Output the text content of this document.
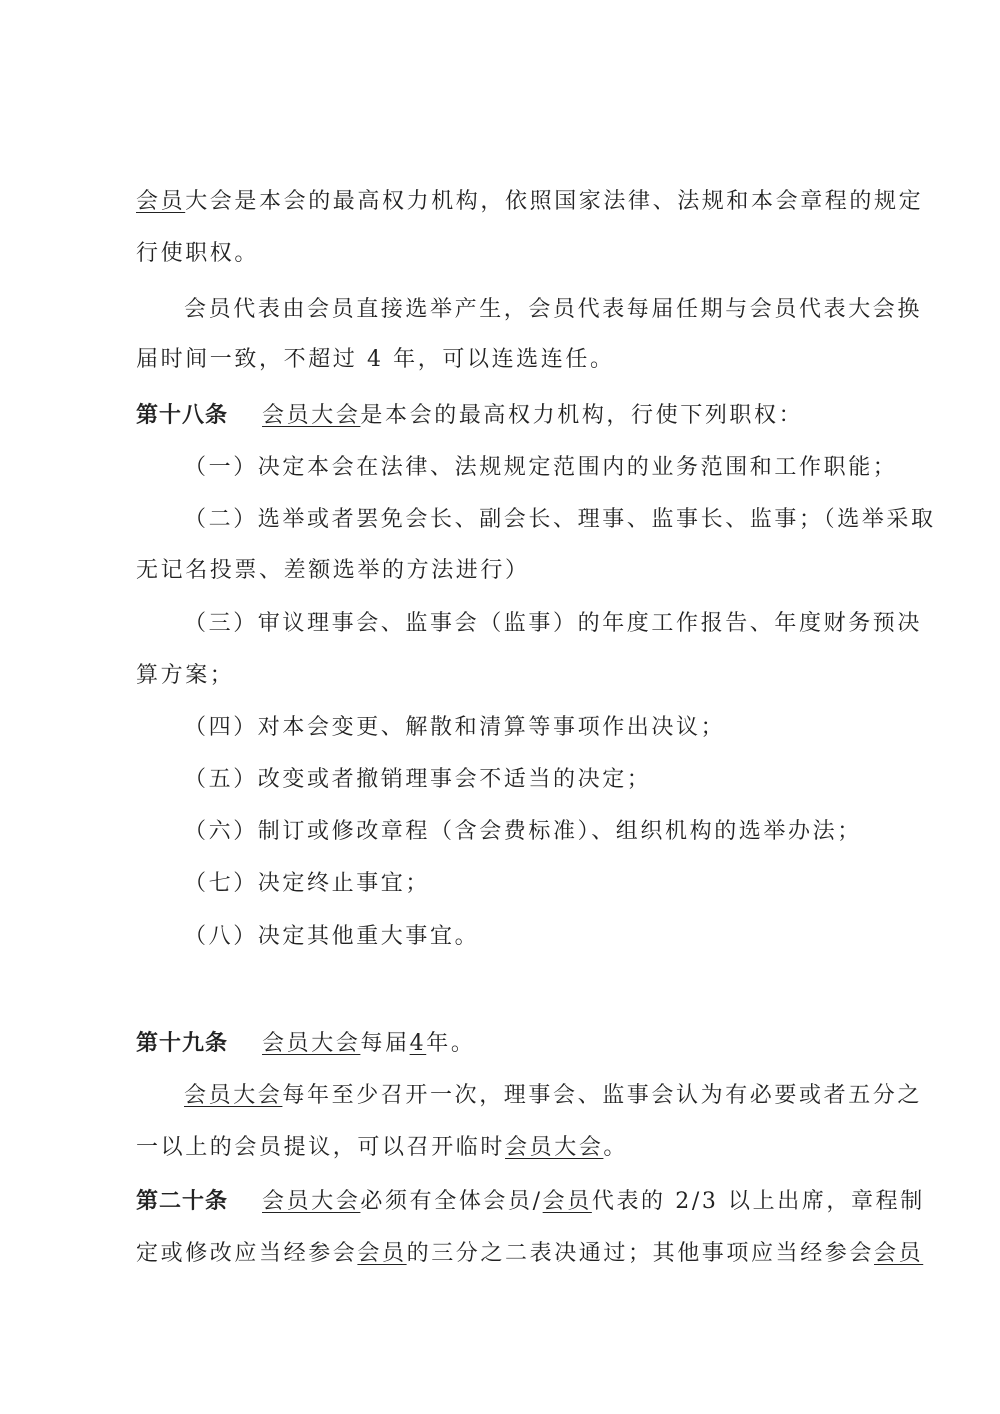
会员大会是本会的最高权力机构，依照国家法律、法规和本会章程的规定
行使职权。
会员代表由会员直接选举产生，会员代表每届任期与会员代表大会换
届时间一致，不超过 4 年，可以连选连任。
第十八条 会员大会是本会的最高权力机构，行使下列职权：
（一）决定本会在法律、法规规定范围内的业务范围和工作职能；
（二）选举或者罢免会长、副会长、理事、监事长、监事；（选举采取
无记名投票、差额选举的方法进行）
（三）审议理事会、监事会（监事）的年度工作报告、年度财务预决
算方案；
（四）对本会变更、解散和清算等事项作出决议；
（五）改变或者撤销理事会不适当的决定；
（六）制订或修改章程（含会费标准）、组织机构的选举办法；
（七）决定终止事宜；
（八）决定其他重大事宜。
第十九条 会员大会每届4年。
会员大会每年至少召开一次，理事会、监事会认为有必要或者五分之
一以上的会员提议，可以召开临时会员大会。
第二十条 会员大会必须有全体会员/会员代表的 2/3 以上出席，章程制
定或修改应当经参会会员的三分之二表决通过；其他事项应当经参会会员
